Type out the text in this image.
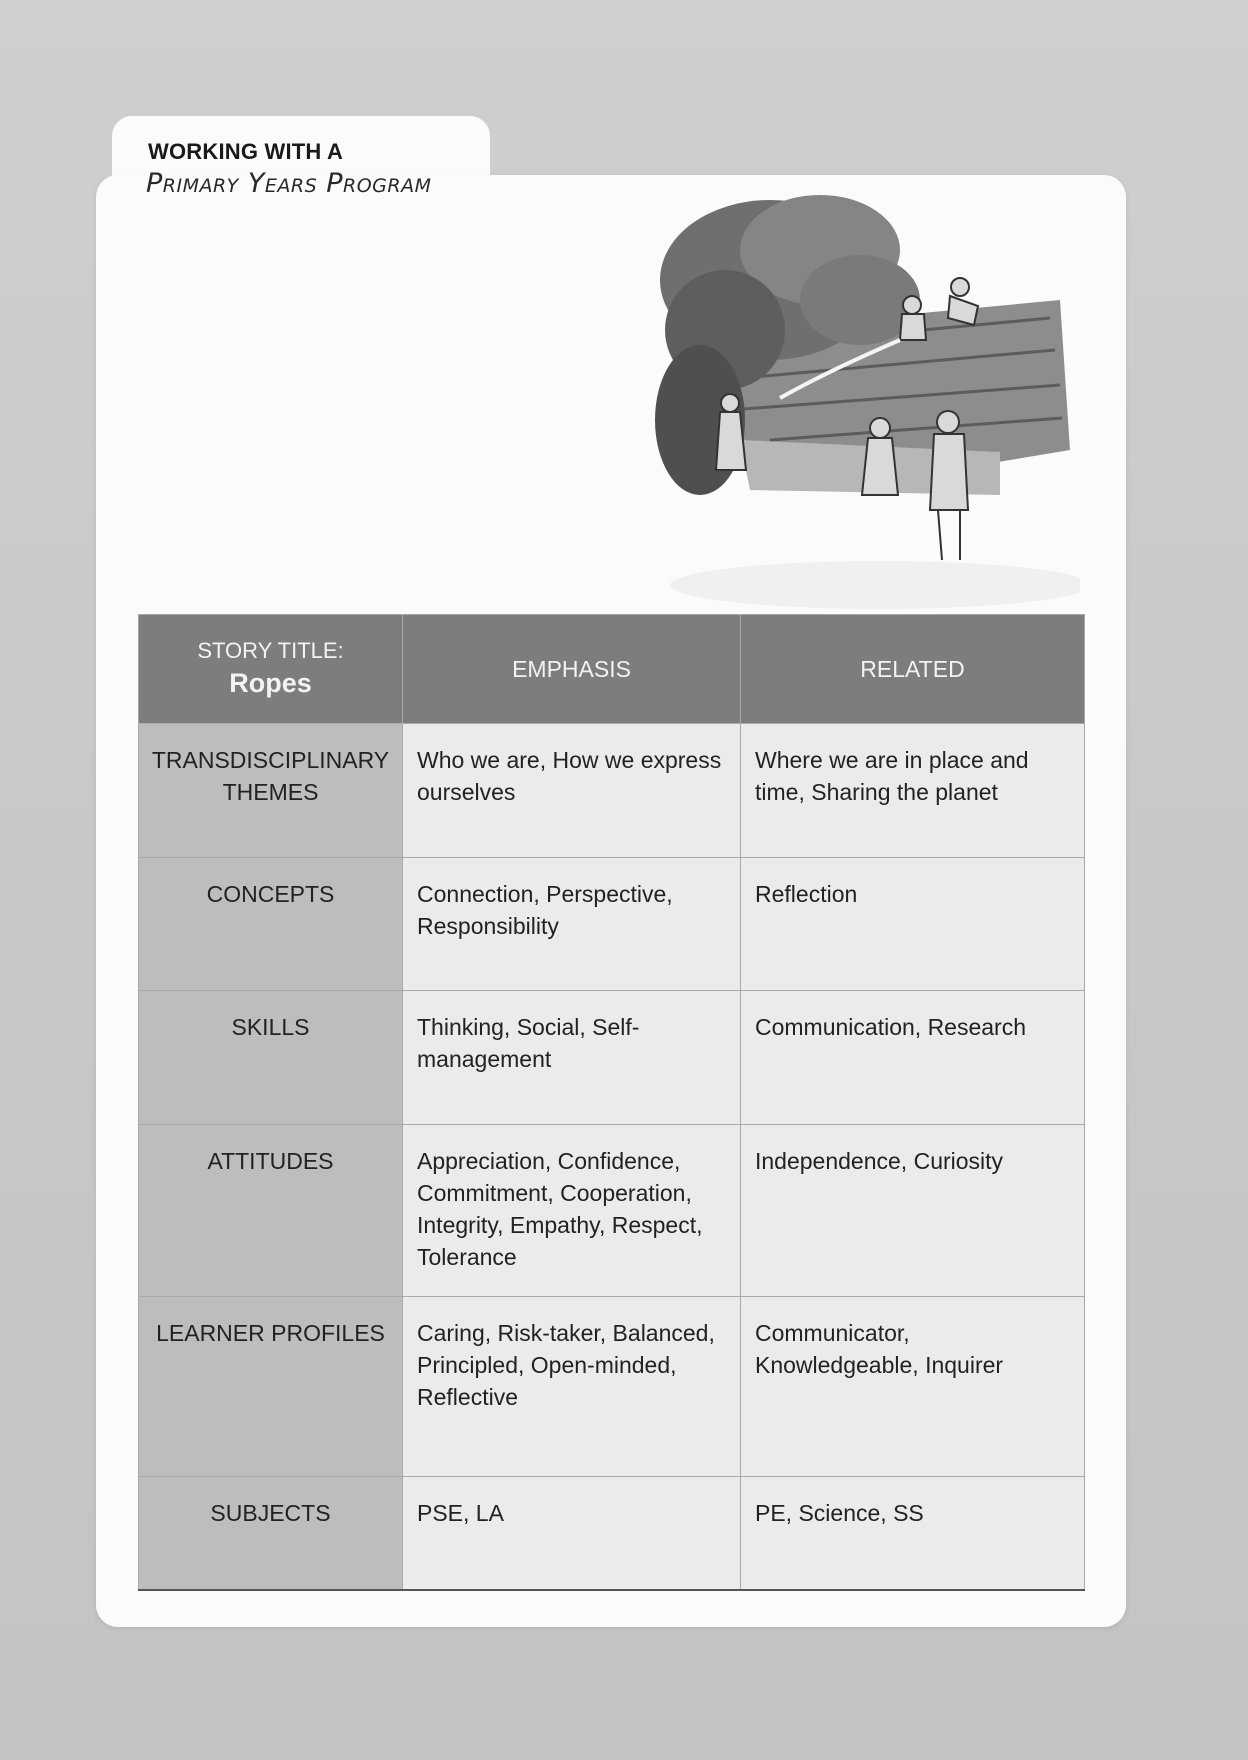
WORKING WITH A
Primary Years Program
STORY TITLE:
Ropes	EMPHASIS	RELATED
TRANSDISCIPLINARY THEMES	Who we are, How we express ourselves	Where we are in place and time, Sharing the planet
CONCEPTS	Connection, Perspective, Responsibility	Reflection
SKILLS	Thinking, Social, Self-management	Communication, Research
ATTITUDES	Appreciation, Confidence, Commitment, Cooperation, Integrity, Empathy, Respect, Tolerance	Independence, Curiosity
LEARNER PROFILES	Caring, Risk-taker, Balanced, Principled, Open-minded, Reflective	Communicator, Knowledgeable, Inquirer
SUBJECTS	PSE, LA	PE, Science, SS
